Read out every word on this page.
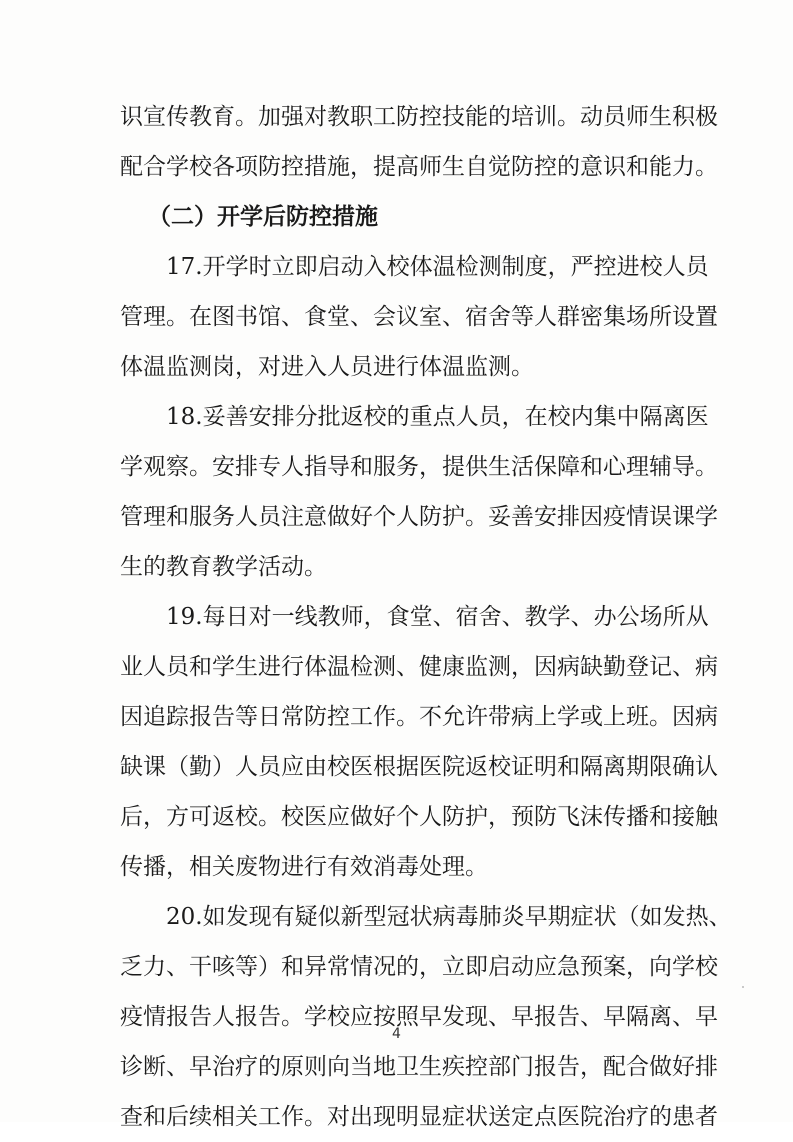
识宣传教育。加强对教职工防控技能的培训。动员师生积极
配合学校各项防控措施，提高师生自觉防控的意识和能力。
（二）开学后防控措施
17.开学时立即启动入校体温检测制度，严控进校人员
管理。在图书馆、食堂、会议室、宿舍等人群密集场所设置
体温监测岗，对进入人员进行体温监测。
18.妥善安排分批返校的重点人员，在校内集中隔离医
学观察。安排专人指导和服务，提供生活保障和心理辅导。
管理和服务人员注意做好个人防护。妥善安排因疫情误课学
生的教育教学活动。
19.每日对一线教师，食堂、宿舍、教学、办公场所从
业人员和学生进行体温检测、健康监测，因病缺勤登记、病
因追踪报告等日常防控工作。不允许带病上学或上班。因病
缺课（勤）人员应由校医根据医院返校证明和隔离期限确认
后，方可返校。校医应做好个人防护，预防飞沫传播和接触
传播，相关废物进行有效消毒处理。
20.如发现有疑似新型冠状病毒肺炎早期症状（如发热、
乏力、干咳等）和异常情况的，立即启动应急预案，向学校
疫情报告人报告。学校应按照早发现、早报告、早隔离、早
诊断、早治疗的原则向当地卫生疾控部门报告，配合做好排
查和后续相关工作。对出现明显症状送定点医院治疗的患者
4
